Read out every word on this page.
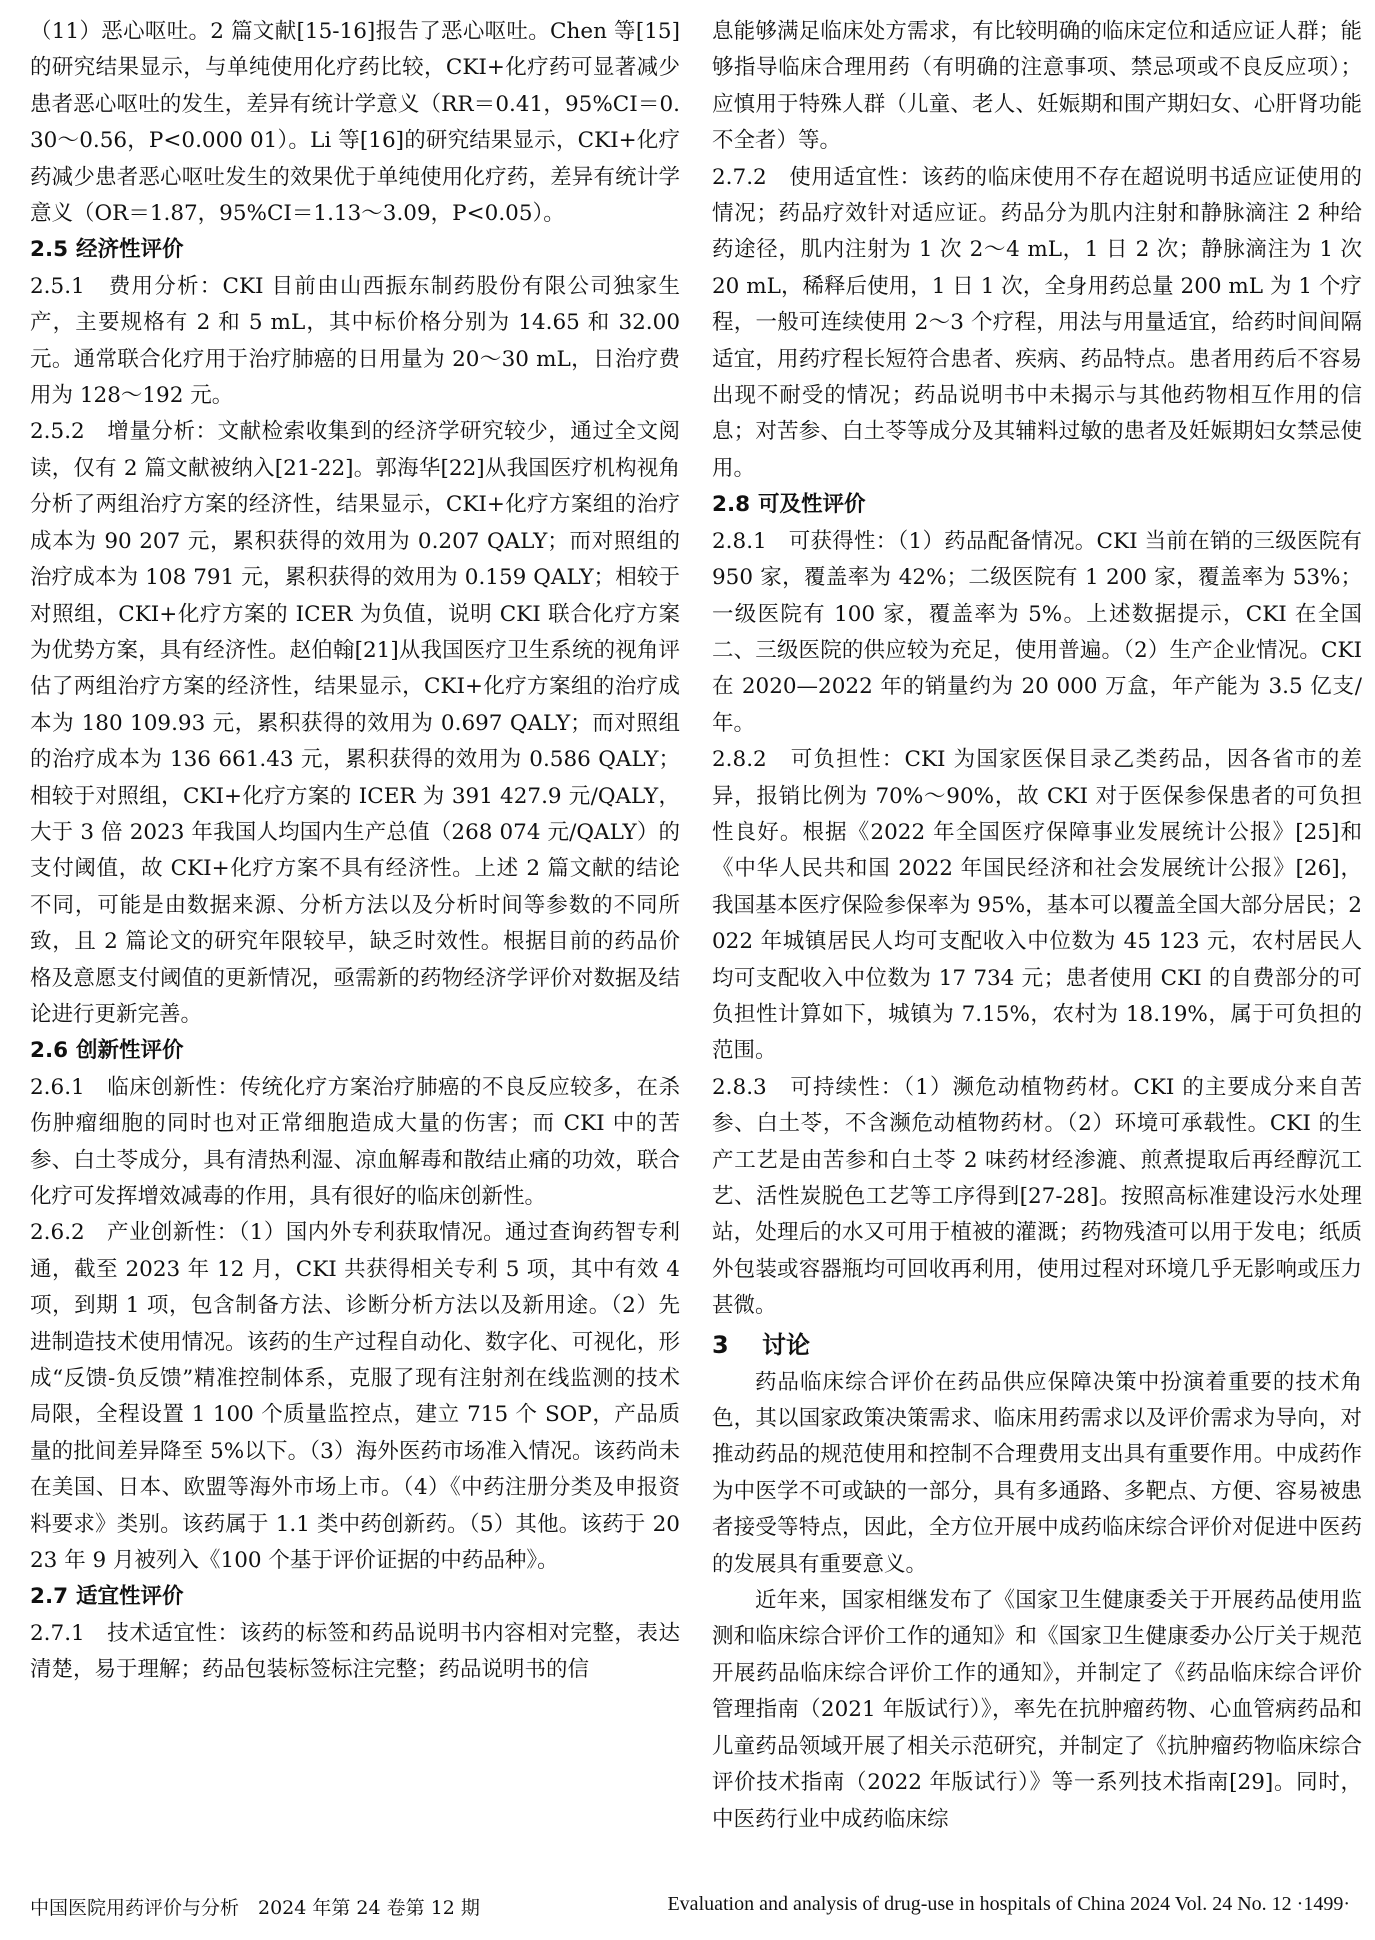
（11）恶心呕吐。2 篇文献[15-16]报告了恶心呕吐。Chen 等[15]的研究结果显示，与单纯使用化疗药比较，CKI+化疗药可显著减少患者恶心呕吐的发生，差异有统计学意义（RR＝0.41，95%CI＝0.30～0.56，P<0.000 01）。Li 等[16]的研究结果显示，CKI+化疗药减少患者恶心呕吐发生的效果优于单纯使用化疗药，差异有统计学意义（OR＝1.87，95%CI＝1.13～3.09，P<0.05）。

2.5 经济性评价

2.5.1　费用分析：CKI 目前由山西振东制药股份有限公司独家生产，主要规格有 2 和 5 mL，其中标价格分别为 14.65 和 32.00 元。通常联合化疗用于治疗肺癌的日用量为 20～30 mL，日治疗费用为 128～192 元。

2.5.2　增量分析：文献检索收集到的经济学研究较少，通过全文阅读，仅有 2 篇文献被纳入[21-22]。郭海华[22]从我国医疗机构视角分析了两组治疗方案的经济性，结果显示，CKI+化疗方案组的治疗成本为 90 207 元，累积获得的效用为 0.207 QALY；而对照组的治疗成本为 108 791 元，累积获得的效用为 0.159 QALY；相较于对照组，CKI+化疗方案的 ICER 为负值，说明 CKI 联合化疗方案为优势方案，具有经济性。赵伯翰[21]从我国医疗卫生系统的视角评估了两组治疗方案的经济性，结果显示，CKI+化疗方案组的治疗成本为 180 109.93 元，累积获得的效用为 0.697 QALY；而对照组的治疗成本为 136 661.43 元，累积获得的效用为 0.586 QALY；相较于对照组，CKI+化疗方案的 ICER 为 391 427.9 元/QALY，大于 3 倍 2023 年我国人均国内生产总值（268 074 元/QALY）的支付阈值，故 CKI+化疗方案不具有经济性。上述 2 篇文献的结论不同，可能是由数据来源、分析方法以及分析时间等参数的不同所致，且 2 篇论文的研究年限较早，缺乏时效性。根据目前的药品价格及意愿支付阈值的更新情况，亟需新的药物经济学评价对数据及结论进行更新完善。

2.6 创新性评价

2.6.1　临床创新性：传统化疗方案治疗肺癌的不良反应较多，在杀伤肿瘤细胞的同时也对正常细胞造成大量的伤害；而 CKI 中的苦参、白土苓成分，具有清热利湿、凉血解毒和散结止痛的功效，联合化疗可发挥增效减毒的作用，具有很好的临床创新性。

2.6.2　产业创新性：（1）国内外专利获取情况。通过查询药智专利通，截至 2023 年 12 月，CKI 共获得相关专利 5 项，其中有效 4 项，到期 1 项，包含制备方法、诊断分析方法以及新用途。（2）先进制造技术使用情况。该药的生产过程自动化、数字化、可视化，形成“反馈-负反馈”精准控制体系，克服了现有注射剂在线监测的技术局限，全程设置 1 100 个质量监控点，建立 715 个 SOP，产品质量的批间差异降至 5%以下。（3）海外医药市场准入情况。该药尚未在美国、日本、欧盟等海外市场上市。（4）《中药注册分类及申报资料要求》类别。该药属于 1.1 类中药创新药。（5）其他。该药于 2023 年 9 月被列入《100 个基于评价证据的中药品种》。

2.7 适宜性评价

2.7.1　技术适宜性：该药的标签和药品说明书内容相对完整，表达清楚，易于理解；药品包装标签标注完整；药品说明书的信

息能够满足临床处方需求，有比较明确的临床定位和适应证人群；能够指导临床合理用药（有明确的注意事项、禁忌项或不良反应项）；应慎用于特殊人群（儿童、老人、妊娠期和围产期妇女、心肝肾功能不全者）等。

2.7.2　使用适宜性：该药的临床使用不存在超说明书适应证使用的情况；药品疗效针对适应证。药品分为肌内注射和静脉滴注 2 种给药途径，肌内注射为 1 次 2～4 mL，1 日 2 次；静脉滴注为 1 次 20 mL，稀释后使用，1 日 1 次，全身用药总量 200 mL 为 1 个疗程，一般可连续使用 2～3 个疗程，用法与用量适宜，给药时间间隔适宜，用药疗程长短符合患者、疾病、药品特点。患者用药后不容易出现不耐受的情况；药品说明书中未揭示与其他药物相互作用的信息；对苦参、白土苓等成分及其辅料过敏的患者及妊娠期妇女禁忌使用。

2.8 可及性评价

2.8.1　可获得性：（1）药品配备情况。CKI 当前在销的三级医院有 950 家，覆盖率为 42%；二级医院有 1 200 家，覆盖率为 53%；一级医院有 100 家，覆盖率为 5%。上述数据提示，CKI 在全国二、三级医院的供应较为充足，使用普遍。（2）生产企业情况。CKI 在 2020—2022 年的销量约为 20 000 万盒，年产能为 3.5 亿支/年。

2.8.2　可负担性：CKI 为国家医保目录乙类药品，因各省市的差异，报销比例为 70%～90%，故 CKI 对于医保参保患者的可负担性良好。根据《2022 年全国医疗保障事业发展统计公报》[25]和《中华人民共和国 2022 年国民经济和社会发展统计公报》[26]，我国基本医疗保险参保率为 95%，基本可以覆盖全国大部分居民；2022 年城镇居民人均可支配收入中位数为 45 123 元，农村居民人均可支配收入中位数为 17 734 元；患者使用 CKI 的自费部分的可负担性计算如下，城镇为 7.15%，农村为 18.19%，属于可负担的范围。

2.8.3　可持续性：（1）濒危动植物药材。CKI 的主要成分来自苦参、白土苓，不含濒危动植物药材。（2）环境可承载性。CKI 的生产工艺是由苦参和白土苓 2 味药材经渗漉、煎煮提取后再经醇沉工艺、活性炭脱色工艺等工序得到[27-28]。按照高标准建设污水处理站，处理后的水又可用于植被的灌溉；药物残渣可以用于发电；纸质外包装或容器瓶均可回收再利用，使用过程对环境几乎无影响或压力甚微。

3 讨论

药品临床综合评价在药品供应保障决策中扮演着重要的技术角色，其以国家政策决策需求、临床用药需求以及评价需求为导向，对推动药品的规范使用和控制不合理费用支出具有重要作用。中成药作为中医学不可或缺的一部分，具有多通路、多靶点、方便、容易被患者接受等特点，因此，全方位开展中成药临床综合评价对促进中医药的发展具有重要意义。

近年来，国家相继发布了《国家卫生健康委关于开展药品使用监测和临床综合评价工作的通知》和《国家卫生健康委办公厅关于规范开展药品临床综合评价工作的通知》，并制定了《药品临床综合评价管理指南（2021 年版试行）》，率先在抗肿瘤药物、心血管病药品和儿童药品领域开展了相关示范研究，并制定了《抗肿瘤药物临床综合评价技术指南（2022 年版试行）》等一系列技术指南[29]。同时，中医药行业中成药临床综

中国医院用药评价与分析　2024 年第 24 卷第 12 期	Evaluation and analysis of drug-use in hospitals of China 2024 Vol. 24 No. 12 ·1499·
